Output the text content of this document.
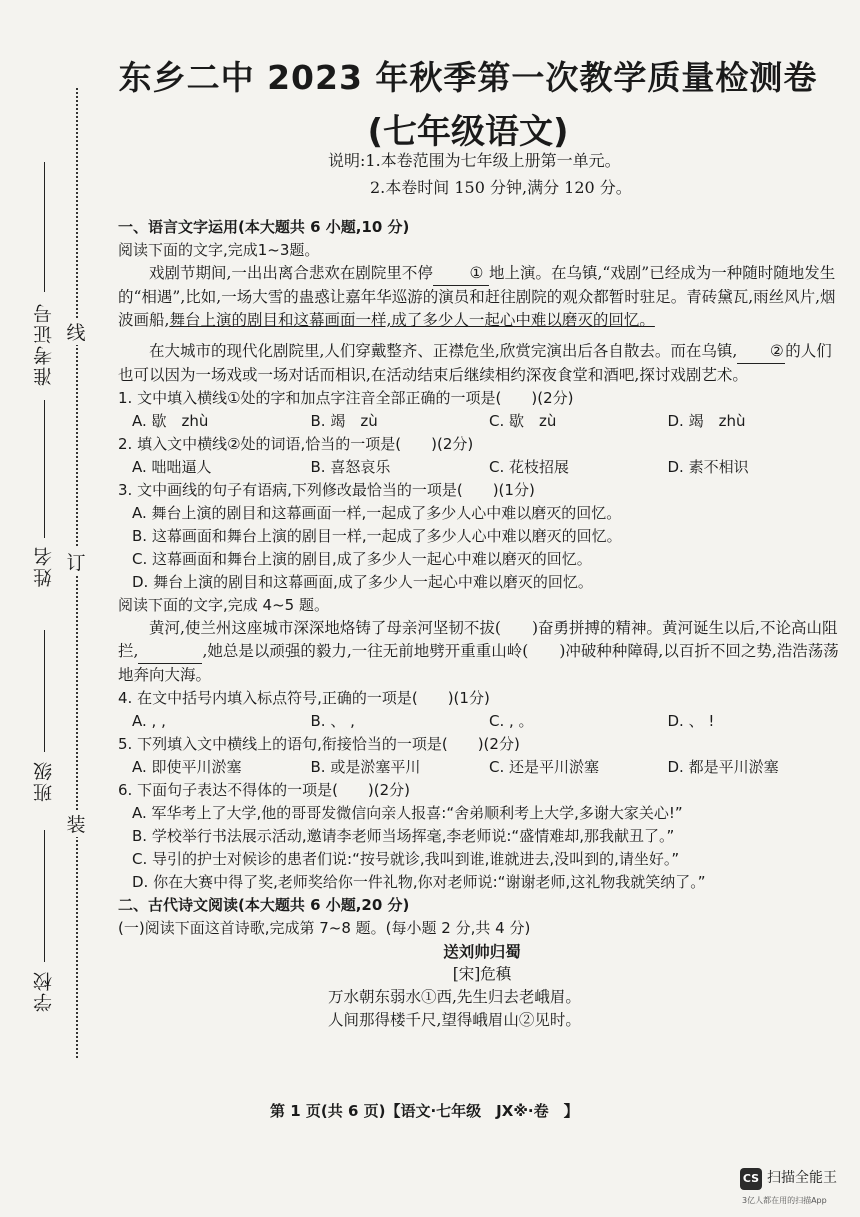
准考证号
姓名
班级
学校
线
订
装
东乡二中 2023 年秋季第一次教学质量检测卷
(七年级语文)
说明:1.本卷范围为七年级上册第一单元。
2.本卷时间 150 分钟,满分 120 分。

一、语言文字运用(本大题共 6 小题,10 分)

阅读下面的文字,完成1~3题。

戏剧节期间,一出出离合悲欢在剧院里不停 ① 地上演。在乌镇,“戏剧”已经成为一种随时随地发生的“相遇”,比如,一场大雪的蛊惑让嘉年华巡游的演员和赶往剧院的观众都暂时驻足。青砖黛瓦,雨丝风片,烟波画船,舞台上演的剧目和这幕画面一样,成了多少人一起心中难以磨灭的回忆。

在大城市的现代化剧院里,人们穿戴整齐、正襟危坐,欣赏完演出后各自散去。而在乌镇, ②的人们也可以因为一场戏或一场对话而相识,在活动结束后继续相约深夜食堂和酒吧,探讨戏剧艺术。

1. 文中填入横线①处的字和加点字注音全部正确的一项是(　　)(2分)

A. 歇　zhù	B. 竭　zù	C. 歇　zù	D. 竭　zhù

2. 填入文中横线②处的词语,恰当的一项是(　　)(2分)

A. 咄咄逼人	B. 喜怒哀乐	C. 花枝招展	D. 素不相识

3. 文中画线的句子有语病,下列修改最恰当的一项是(　　)(1分)

A. 舞台上演的剧目和这幕画面一样,一起成了多少人心中难以磨灭的回忆。

B. 这幕画面和舞台上演的剧目一样,一起成了多少人心中难以磨灭的回忆。

C. 这幕画面和舞台上演的剧目,成了多少人一起心中难以磨灭的回忆。

D. 舞台上演的剧目和这幕画面,成了多少人一起心中难以磨灭的回忆。

阅读下面的文字,完成 4~5 题。

黄河,使兰州这座城市深深地烙铸了母亲河坚韧不拔(　　)奋勇拼搏的精神。黄河诞生以后,不论高山阻拦,	,她总是以顽强的毅力,一往无前地劈开重重山岭(　　)冲破种种障碍,以百折不回之势,浩浩荡荡地奔向大海。

4. 在文中括号内填入标点符号,正确的一项是(　　)(1分)

A. , ,	B. 、 ,	C. , 。	D. 、 !

5. 下列填入文中横线上的语句,衔接恰当的一项是(　　)(2分)

A. 即使平川淤塞	B. 或是淤塞平川	C. 还是平川淤塞	D. 都是平川淤塞

6. 下面句子表达不得体的一项是(　　)(2分)

A. 军华考上了大学,他的哥哥发微信向亲人报喜:“舍弟顺利考上大学,多谢大家关心!”

B. 学校举行书法展示活动,邀请李老师当场挥毫,李老师说:“盛情难却,那我献丑了。”

C. 导引的护士对候诊的患者们说:“按号就诊,我叫到谁,谁就进去,没叫到的,请坐好。”

D. 你在大赛中得了奖,老师奖给你一件礼物,你对老师说:“谢谢老师,这礼物我就笑纳了。”

二、古代诗文阅读(本大题共 6 小题,20 分)

(一)阅读下面这首诗歌,完成第 7~8 题。(每小题 2 分,共 4 分)

送刘帅归蜀

[宋]危稹

万水朝东弱水①西,先生归去老峨眉。

人间那得楼千尺,望得峨眉山②见时。

第 1 页(共 6 页)【语文·七年级　JX※·卷　】
CS 扫描全能王
3亿人都在用的扫描App
